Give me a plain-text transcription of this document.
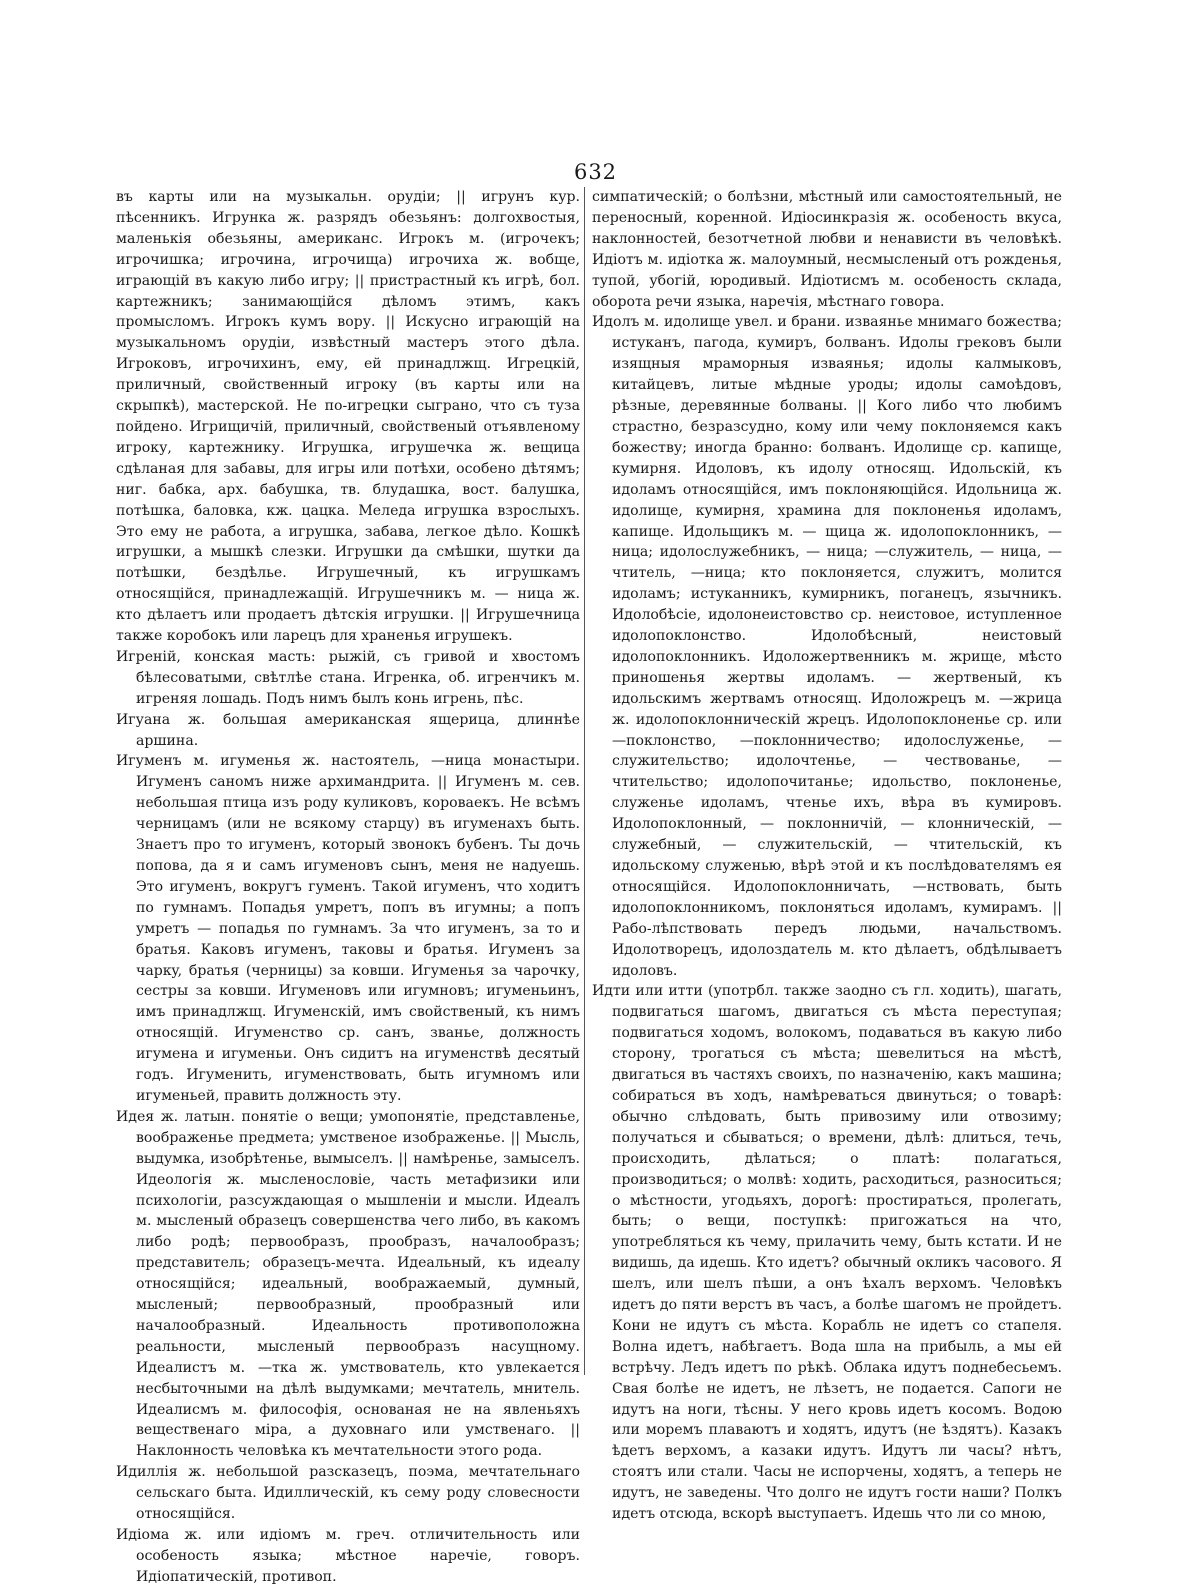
632

въ карты или на музыкальн. орудіи; || игрунъ кур. пѣсенникъ. Игрунка ж. разрядъ обезьянъ: долгохвостыя, маленькія обезьяны, американс. Игрокъ м. (игрочекъ; игрочишка; игрочина, игрочища) игрочиха ж. вобще, играющій въ какую либо игру; || пристрастный къ игрѣ, бол. картежникъ; занимающійся дѣломъ этимъ, какъ промысломъ. Игрокъ кумъ вору. || Искусно играющій на музыкальномъ орудіи, извѣстный мастеръ этого дѣла. Игроковъ, игрочихинъ, ему, ей принадлжщ. Игрецкій, приличный, свойственный игроку (въ карты или на скрыпкѣ), мастерской. Не по-игрецки сыграно, что съ туза пойдено. Игрищичій, приличный, свойственый отъявленому игроку, картежнику. Игрушка, игрушечка ж. вещица сдѣланая для забавы, для игры или потѣхи, особено дѣтямъ; ниг. бабка, арх. бабушка, тв. блудашка, вост. балушка, потѣшка, баловка, кж. цацка. Меледа игрушка взрослыхъ. Это ему не работа, а игрушка, забава, легкое дѣло. Кошкѣ игрушки, а мышкѣ слезки. Игрушки да смѣшки, шутки да потѣшки, бездѣлье. Игрушечный, къ игрушкамъ относящійся, принадлежащій. Игрушечникъ м. — ница ж. кто дѣлаетъ или продаетъ дѣтскія игрушки. || Игрушечница также коробокъ или ларецъ для храненья игрушекъ.

Игреній, конская масть: рыжій, съ гривой и хвостомъ бѣлесоватыми, свѣтлѣе стана. Игренка, об. игренчикъ м. игреняя лошадь. Подъ нимъ былъ конь игрень, пѣс.

Игуана ж. большая американская ящерица, длиннѣе аршина.

Игуменъ м. игуменья ж. настоятель, —ница монастыри. Игуменъ саномъ ниже архимандрита. || Игуменъ м. сев. небольшая птица изъ роду куликовъ, короваекъ. Не всѣмъ черницамъ (или не всякому старцу) въ игуменахъ быть. Знаетъ про то игуменъ, который звонокъ бубенъ. Ты дочь попова, да я и самъ игуменовъ сынъ, меня не надуешь. Это игуменъ, вокругъ гуменъ. Такой игуменъ, что ходитъ по гумнамъ. Попадья умретъ, попъ въ игумны; а попъ умретъ — попадья по гумнамъ. За что игуменъ, за то и братья. Каковъ игуменъ, таковы и братья. Игуменъ за чаркy, братья (черницы) за ковши. Игуменья за чарочку, сестры за ковши. Игуменовъ или игумновъ; игуменьинъ, имъ принадлжщ. Игуменскій, имъ свойственый, къ нимъ относящій. Игуменство ср. санъ, званье, должность игумена и игуменьи. Онъ сидитъ на игуменствѣ десятый годъ. Игуменить, игуменствовать, быть игумномъ или игуменьей, править должность эту.

Идея ж. латын. понятіе о вещи; умопонятіе, представленье, воображенье предмета; умственое изображенье. || Мысль, выдумка, изобрѣтенье, вымыселъ. || намѣренье, замыселъ. Идеологія ж. мысленословіе, часть метафизики или психологіи, разсуждающая о мышленіи и мысли. Идеалъ м. мысленый образецъ совершенства чего либо, въ какомъ либо родѣ; первообразъ, прообразъ, началообразъ; представитель; образецъ-мечта. Идеальный, къ идеалу относящійся; идеальный, воображаемый, думный, мысленый; первообразный, прообразный или началообразный. Идеальность противоположна реальности, мысленый первообразъ насущному. Идеалистъ м. —тка ж. умствователь, кто увлекается несбыточными на дѣлѣ выдумками; мечтатель, мнитель. Идеалисмъ м. философія, основаная не на явленьяхъ вещественаго міра, а духовнаго или умственаго. || Наклонность человѣка къ мечтательности этого рода.

Идиллія ж. небольшой разсказецъ, поэма, мечтательнаго сельскаго быта. Идиллическій, къ сему роду словесности относящійся.

Идіома ж. или идіомъ м. греч. отличительность или особеность языка; мѣстное наречіе, говоръ. Идіопатическій, противоп.

симпатическій; о болѣзни, мѣстный или самостоятельный, не переносный, коренной. Идіосинкразія ж. особеность вкуса, наклонностей, безотчетной любви и ненависти въ человѣкѣ. Идіотъ м. идіотка ж. малоумный, несмысленый отъ рожденья, тупой, убогій, юродивый. Идіотисмъ м. особеность склада, оборота речи языка, наречія, мѣстнаго говора.

Идолъ м. идолище увел. и брани. изваянье мнимаго божества; истуканъ, пагода, кумиръ, болванъ. Идолы грековъ были изящныя мраморныя изваянья; идолы калмыковъ, китайцевъ, литые мѣдные уроды; идолы самоѣдовъ, рѣзные, деревянные болваны. || Кого либо что любимъ страстно, безразсудно, кому или чему поклоняемся какъ божеству; иногда бранно: болванъ. Идолище ср. капище, кумирня. Идоловъ, къ идолу относящ. Идольскій, къ идоламъ относящійся, имъ поклоняющійся. Идольница ж. идолище, кумирня, храмина для поклоненья идоламъ, капище. Идольщикъ м. — щица ж. идолопоклонникъ, — ница; идолослужебникъ, — ница; —служитель, — ница, —чтитель, —ница; кто поклоняется, служитъ, молится идоламъ; истуканникъ, кумирникъ, поганецъ, язычникъ. Идолобѣсіе, идолонеистовство ср. неистовое, иступленное идолопоклонство. Идолобѣсный, неистовый идолопоклонникъ. Идоложертвенникъ м. жрище, мѣсто приношенья жертвы идоламъ. — жертвеный, къ идольскимъ жертвамъ относящ. Идоложрецъ м. —жрица ж. идолопоклонническій жрецъ. Идолопоклоненье ср. или —поклонство, —поклонничество; идолослуженье, —служительство; идолочтенье, — чествованье, —чтительство; идолопочитанье; идольство, поклоненье, служенье идоламъ, чтенье ихъ, вѣра въ кумировъ. Идолопоклонный, — поклонничій, — клонническій, —служебный, — служительскій, — чтительскій, къ идольскому служенью, вѣрѣ этой и къ послѣдователямъ ея относящійся. Идолопоклонничать, —нствовать, быть идолопоклонникомъ, поклоняться идоламъ, кумирамъ. || Рабо-лѣпствовать передъ людьми, начальствомъ. Идолотворецъ, идолоздатель м. кто дѣлаетъ, обдѣлываетъ идоловъ.

Идти или итти (употрбл. также заодно съ гл. ходить), шагать, подвигаться шагомъ, двигаться съ мѣста переступая; подвигаться ходомъ, волокомъ, подаваться въ какую либо сторону, трогаться съ мѣста; шевелиться на мѣстѣ, двигаться въ частяхъ своихъ, по назначенію, какъ машина; собираться въ ходъ, намѣреваться двинуться; о товарѣ: обычно слѣдовать, быть привозиму или отвозиму; получаться и сбываться; о времени, дѣлѣ: длиться, течь, происходить, дѣлаться; о платѣ: полагаться, производиться; о молвѣ: ходить, расходиться, разноситься; о мѣстности, угодьяхъ, дорогѣ: простираться, пролегать, быть; о вещи, поступкѣ: пригожаться на что, употребляться къ чему, прилачить чему, быть кстати. И не видишь, да идешь. Кто идетъ? обычный окликъ часового. Я шелъ, или шелъ пѣши, а онъ ѣхалъ верхомъ. Человѣкъ идетъ до пяти верстъ въ часъ, а болѣе шагомъ не пройдетъ. Кони не идутъ съ мѣста. Корабль не идетъ со стапеля. Волна идетъ, набѣгаетъ. Вода шла на прибыль, а мы ей встрѣчу. Ледъ идетъ по рѣкѣ. Облака идутъ поднебесьемъ. Свая болѣе не идетъ, не лѣзетъ, не подается. Сапоги не идутъ на ноги, тѣсны. У него кровь идетъ косомъ. Водою или моремъ плаваютъ и ходятъ, идутъ (не ѣздятъ). Казакъ ѣдетъ верхомъ, а казаки идутъ. Идутъ ли часы? нѣтъ, стоятъ или стали. Часы не испорчены, ходятъ, а теперь не идутъ, не заведены. Что долго не идутъ гости наши? Полкъ идетъ отсюда, вскорѣ выступаетъ. Идешь что ли со мною,
